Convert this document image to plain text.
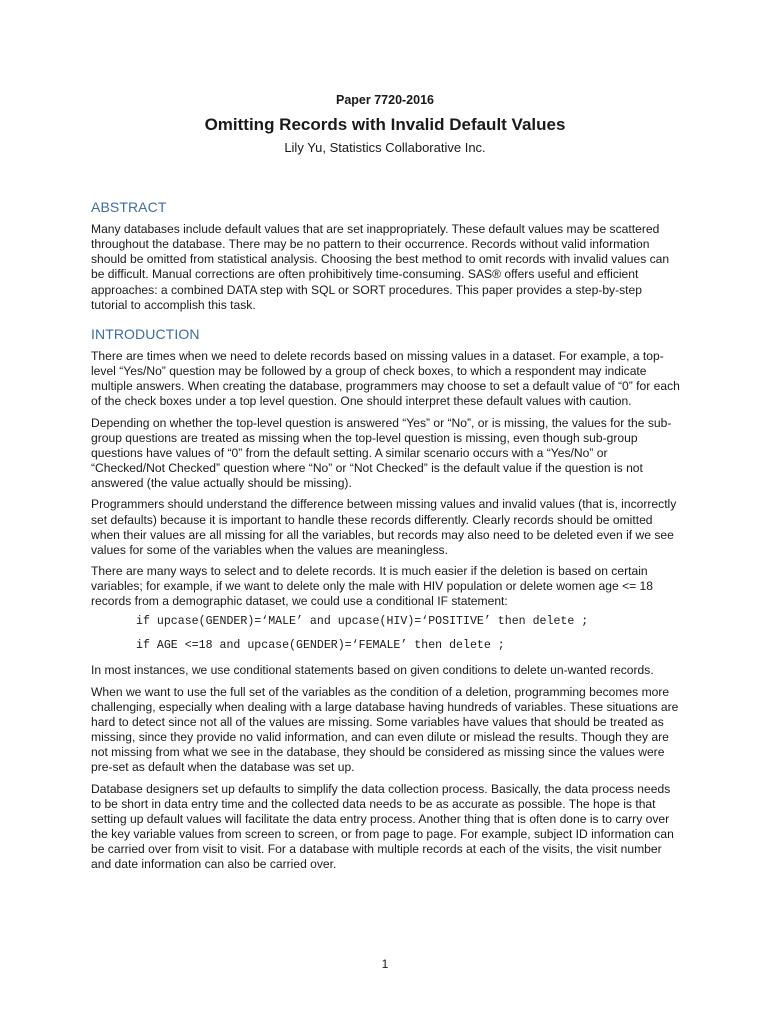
Paper 7720-2016
Omitting Records with Invalid Default Values
Lily Yu, Statistics Collaborative Inc.
ABSTRACT

Many databases include default values that are set inappropriately. These default values may be scattered throughout the database. There may be no pattern to their occurrence. Records without valid information should be omitted from statistical analysis. Choosing the best method to omit records with invalid values can be difficult. Manual corrections are often prohibitively time-consuming. SAS® offers useful and efficient approaches: a combined DATA step with SQL or SORT procedures. This paper provides a step-by-step tutorial to accomplish this task.

INTRODUCTION

There are times when we need to delete records based on missing values in a dataset. For example, a top-level “Yes/No” question may be followed by a group of check boxes, to which a respondent may indicate multiple answers. When creating the database, programmers may choose to set a default value of “0” for each of the check boxes under a top level question. One should interpret these default values with caution.

Depending on whether the top-level question is answered “Yes” or “No”, or is missing, the values for the sub-group questions are treated as missing when the top-level question is missing, even though sub-group questions have values of “0” from the default setting. A similar scenario occurs with a “Yes/No” or “Checked/Not Checked” question where “No” or “Not Checked” is the default value if the question is not answered (the value actually should be missing).

Programmers should understand the difference between missing values and invalid values (that is, incorrectly set defaults) because it is important to handle these records differently. Clearly records should be omitted when their values are all missing for all the variables, but records may also need to be deleted even if we see values for some of the variables when the values are meaningless.

There are many ways to select and to delete records. It is much easier if the deletion is based on certain variables; for example, if we want to delete only the male with HIV population or delete women age <= 18 records from a demographic dataset, we could use a conditional IF statement:

if upcase(GENDER)=‘MALE’ and upcase(HIV)=‘POSITIVE’ then delete ;
if AGE <=18 and upcase(GENDER)=‘FEMALE’ then delete ;

In most instances, we use conditional statements based on given conditions to delete un-wanted records.

When we want to use the full set of the variables as the condition of a deletion, programming becomes more challenging, especially when dealing with a large database having hundreds of variables. These situations are hard to detect since not all of the values are missing. Some variables have values that should be treated as missing, since they provide no valid information, and can even dilute or mislead the results. Though they are not missing from what we see in the database, they should be considered as missing since the values were pre-set as default when the database was set up.

Database designers set up defaults to simplify the data collection process. Basically, the data process needs to be short in data entry time and the collected data needs to be as accurate as possible. The hope is that setting up default values will facilitate the data entry process. Another thing that is often done is to carry over the key variable values from screen to screen, or from page to page. For example, subject ID information can be carried over from visit to visit. For a database with multiple records at each of the visits, the visit number and date information can also be carried over.

1
